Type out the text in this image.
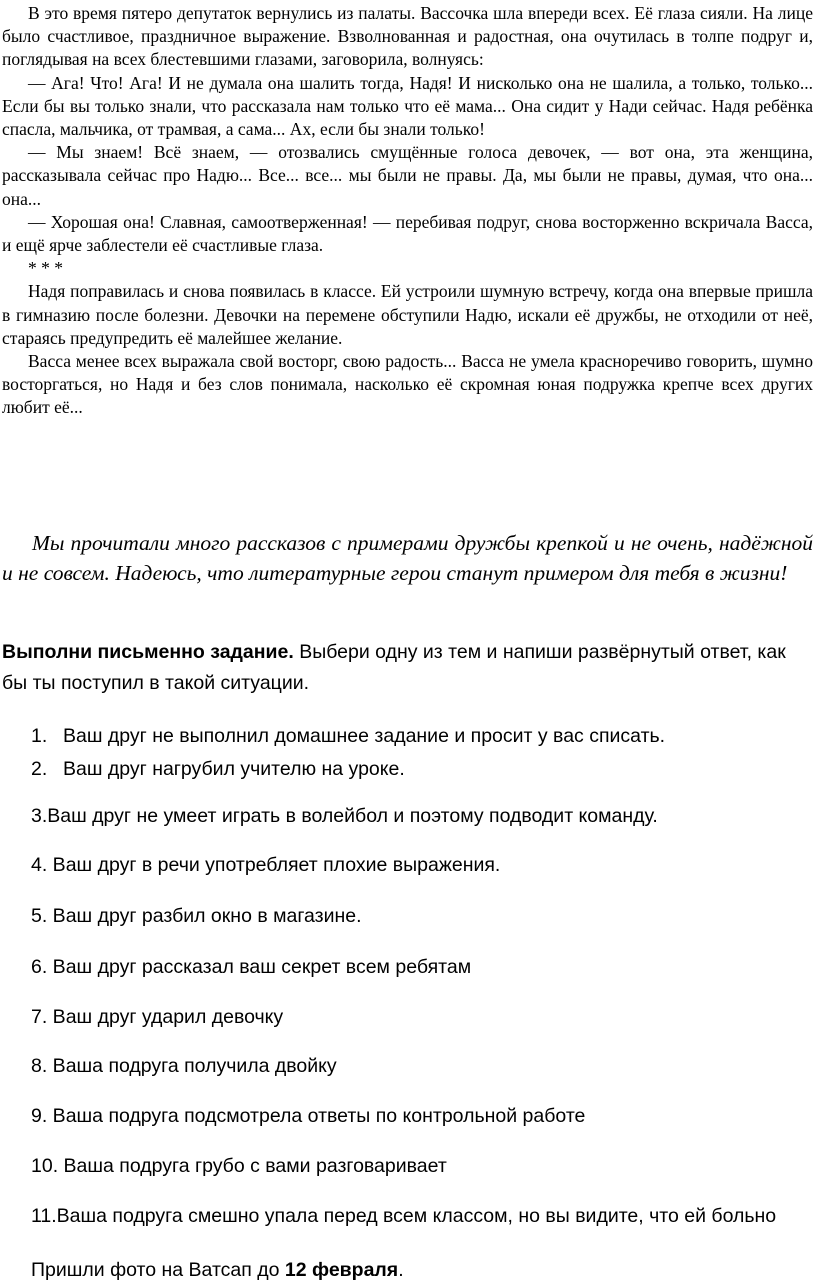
В это время пятеро депутаток вернулись из палаты. Вассочка шла впереди всех. Её глаза сияли. На лице было счастливое, праздничное выражение. Взволнованная и радостная, она очутилась в толпе подруг и, поглядывая на всех блестевшими глазами, заговорила, волнуясь:

— Ага! Что! Ага! И не думала она шалить тогда, Надя! И нисколько она не шалила, а только, только... Если бы вы только знали, что рассказала нам только что её мама... Она сидит у Нади сейчас. Надя ребёнка спасла, мальчика, от трамвая, а сама... Ах, если бы знали только!

— Мы знаем! Всё знаем, — отозвались смущённые голоса девочек, — вот она, эта женщина, рассказывала сейчас про Надю... Все... все... мы были не правы. Да, мы были не правы, думая, что она... она...

— Хорошая она! Славная, самоотверженная! — перебивая подруг, снова восторженно вскричала Васса, и ещё ярче заблестели её счастливые глаза.

* * *

Надя поправилась и снова появилась в классе. Ей устроили шумную встречу, когда она впервые пришла в гимназию после болезни. Девочки на перемене обступили Надю, искали её дружбы, не отходили от неё, стараясь предупредить её малейшее желание.

Васса менее всех выражала свой восторг, свою радость... Васса не умела красноречиво говорить, шумно восторгаться, но Надя и без слов понимала, насколько её скромная юная подружка крепче всех других любит её...

Мы прочитали много рассказов с примерами дружбы крепкой и не очень, надёжной и не совсем. Надеюсь, что литературные герои станут примером для тебя в жизни!
Выполни письменно задание. Выбери одну из тем и напиши развёрнутый ответ, как бы ты поступил в такой ситуации.
1. Ваш друг не выполнил домашнее задание и просит у вас списать.
2. Ваш друг нагрубил учителю на уроке.
3.Ваш друг не умеет играть в волейбол и поэтому подводит команду.
4. Ваш друг в речи употребляет плохие выражения.
5. Ваш друг разбил окно в магазине.
6. Ваш друг рассказал ваш секрет всем ребятам
7. Ваш друг ударил девочку
8. Ваша подруга получила двойку
9. Ваша подруга подсмотрела ответы по контрольной работе
10. Ваша подруга грубо с вами разговаривает
11.Ваша подруга смешно упала перед всем классом, но вы видите, что ей больно
Пришли фото на Ватсап до 12 февраля.
